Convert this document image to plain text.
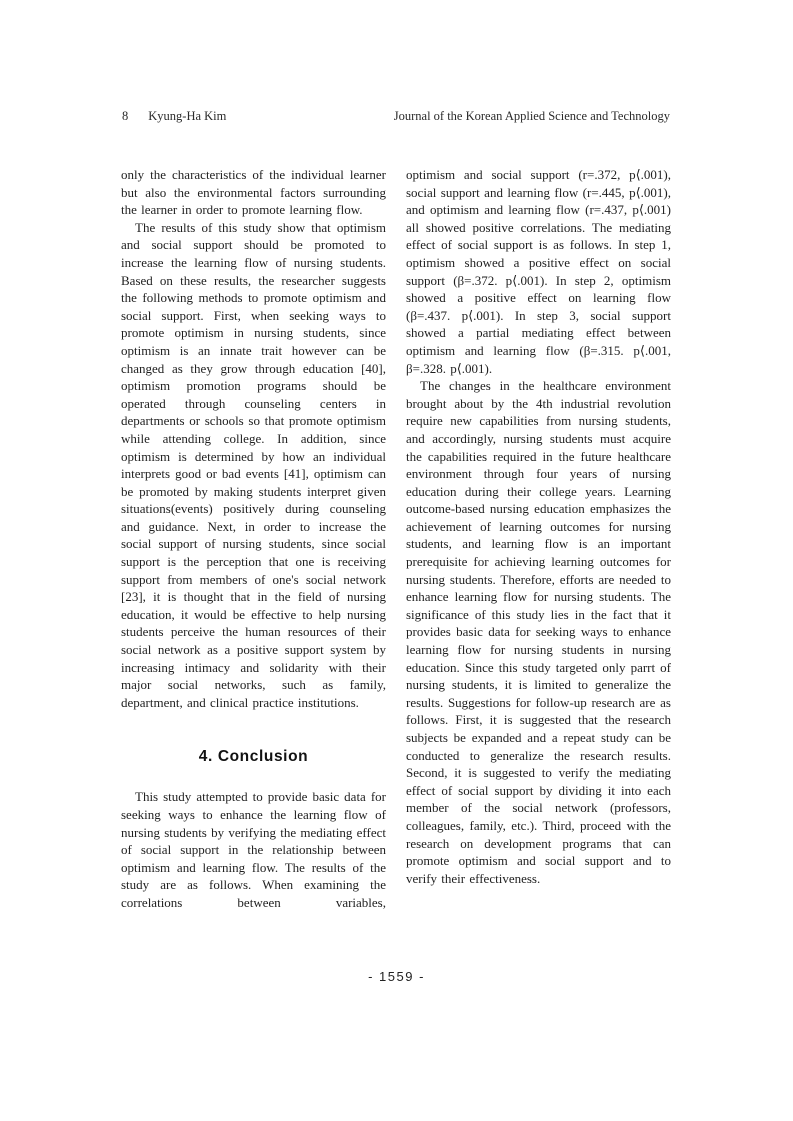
8 Kyung-Ha Kim	Journal of the Korean Applied Science and Technology

only the characteristics of the individual learner but also the environmental factors surrounding the learner in order to promote learning flow.

The results of this study show that optimism and social support should be promoted to increase the learning flow of nursing students. Based on these results, the researcher suggests the following methods to promote optimism and social support. First, when seeking ways to promote optimism in nursing students, since optimism is an innate trait however can be changed as they grow through education [40], optimism promotion programs should be operated through counseling centers in departments or schools so that promote optimism while attending college. In addition, since optimism is determined by how an individual interprets good or bad events [41], optimism can be promoted by making students interpret given situations(events) positively during counseling and guidance. Next, in order to increase the social support of nursing students, since social support is the perception that one is receiving support from members of one's social network [23], it is thought that in the field of nursing education, it would be effective to help nursing students perceive the human resources of their social network as a positive support system by increasing intimacy and solidarity with their major social networks, such as family, department, and clinical practice institutions.

4. Conclusion

This study attempted to provide basic data for seeking ways to enhance the learning flow of nursing students by verifying the mediating effect of social support in the relationship between optimism and learning flow. The results of the study are as follows. When examining the correlations between variables,

optimism and social support (r=.372, p⟨.001), social support and learning flow (r=.445, p⟨.001), and optimism and learning flow (r=.437, p⟨.001) all showed positive correlations. The mediating effect of social support is as follows. In step 1, optimism showed a positive effect on social support (β=.372. p⟨.001). In step 2, optimism showed a positive effect on learning flow (β=.437. p⟨.001). In step 3, social support showed a partial mediating effect between optimism and learning flow (β=.315. p⟨.001, β=.328. p⟨.001).

The changes in the healthcare environment brought about by the 4th industrial revolution require new capabilities from nursing students, and accordingly, nursing students must acquire the capabilities required in the future healthcare environment through four years of nursing education during their college years. Learning outcome-based nursing education emphasizes the achievement of learning outcomes for nursing students, and learning flow is an important prerequisite for achieving learning outcomes for nursing students. Therefore, efforts are needed to enhance learning flow for nursing students. The significance of this study lies in the fact that it provides basic data for seeking ways to enhance learning flow for nursing students in nursing education. Since this study targeted only parrt of nursing students, it is limited to generalize the results. Suggestions for follow-up research are as follows. First, it is suggested that the research subjects be expanded and a repeat study can be conducted to generalize the research results. Second, it is suggested to verify the mediating effect of social support by dividing it into each member of the social network (professors, colleagues, family, etc.). Third, proceed with the research on development programs that can promote optimism and social support and to verify their effectiveness.

- 1559 -
